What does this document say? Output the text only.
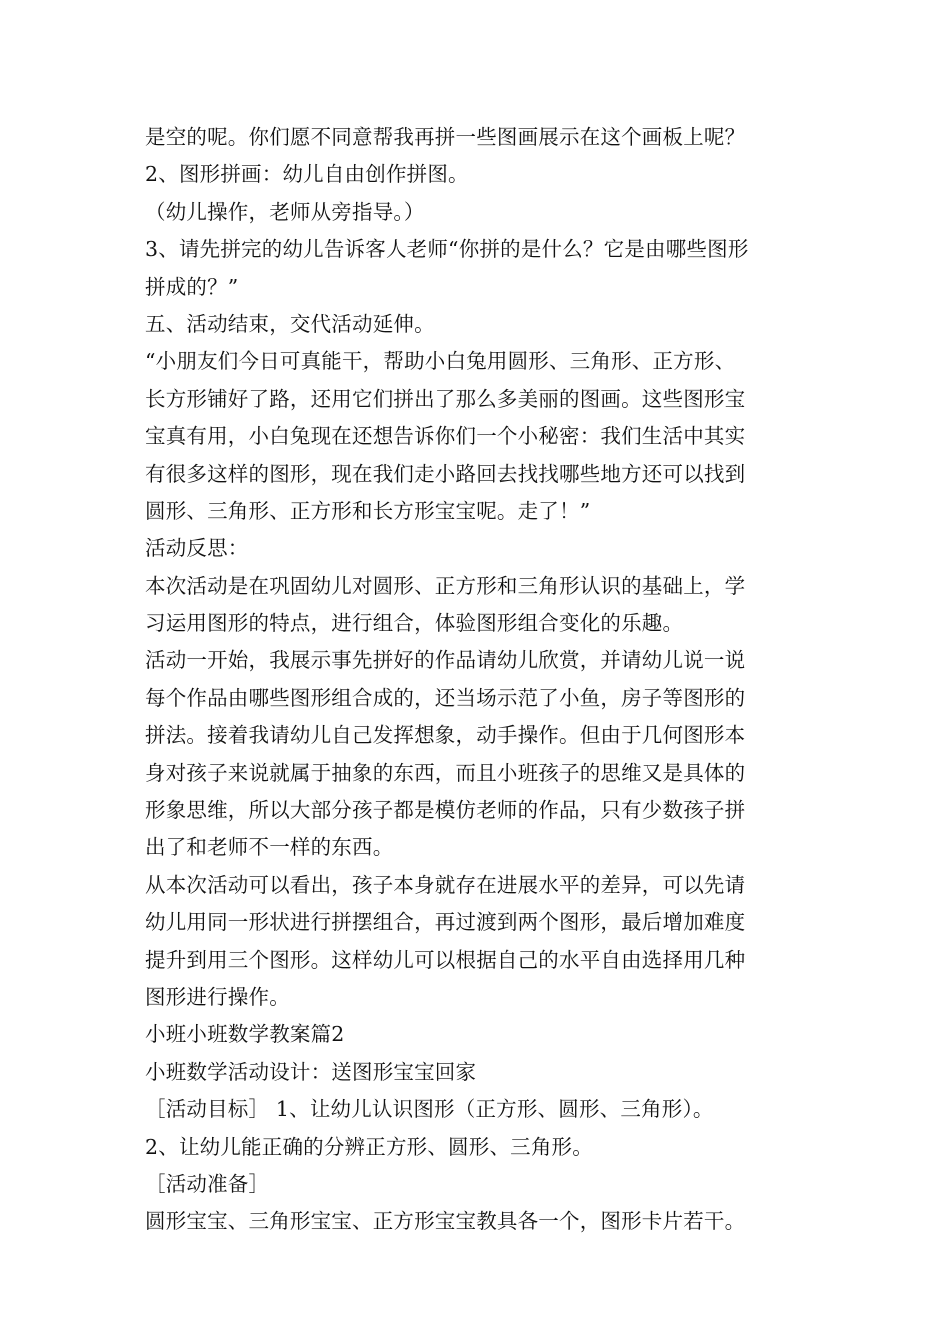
是空的呢。你们愿不同意帮我再拼一些图画展示在这个画板上呢？
2、图形拼画：幼儿自由创作拼图。
（幼儿操作，老师从旁指导。）
3、请先拼完的幼儿告诉客人老师“你拼的是什么？它是由哪些图形
拼成的？”
五、活动结束，交代活动延伸。
“小朋友们今日可真能干，帮助小白兔用圆形、三角形、正方形、
长方形铺好了路，还用它们拼出了那么多美丽的图画。这些图形宝
宝真有用，小白兔现在还想告诉你们一个小秘密：我们生活中其实
有很多这样的图形，现在我们走小路回去找找哪些地方还可以找到
圆形、三角形、正方形和长方形宝宝呢。走了！”
活动反思：
本次活动是在巩固幼儿对圆形、正方形和三角形认识的基础上，学
习运用图形的特点，进行组合，体验图形组合变化的乐趣。
活动一开始，我展示事先拼好的作品请幼儿欣赏，并请幼儿说一说
每个作品由哪些图形组合成的，还当场示范了小鱼，房子等图形的
拼法。接着我请幼儿自己发挥想象，动手操作。但由于几何图形本
身对孩子来说就属于抽象的东西，而且小班孩子的思维又是具体的
形象思维，所以大部分孩子都是模仿老师的作品，只有少数孩子拼
出了和老师不一样的东西。
从本次活动可以看出，孩子本身就存在进展水平的差异，可以先请
幼儿用同一形状进行拼摆组合，再过渡到两个图形，最后增加难度
提升到用三个图形。这样幼儿可以根据自己的水平自由选择用几种
图形进行操作。
小班小班数学教案篇2
小班数学活动设计：送图形宝宝回家
［活动目标］ 1、让幼儿认识图形（正方形、圆形、三角形）。
2、让幼儿能正确的分辨正方形、圆形、三角形。
［活动准备］
圆形宝宝、三角形宝宝、正方形宝宝教具各一个，图形卡片若干。
